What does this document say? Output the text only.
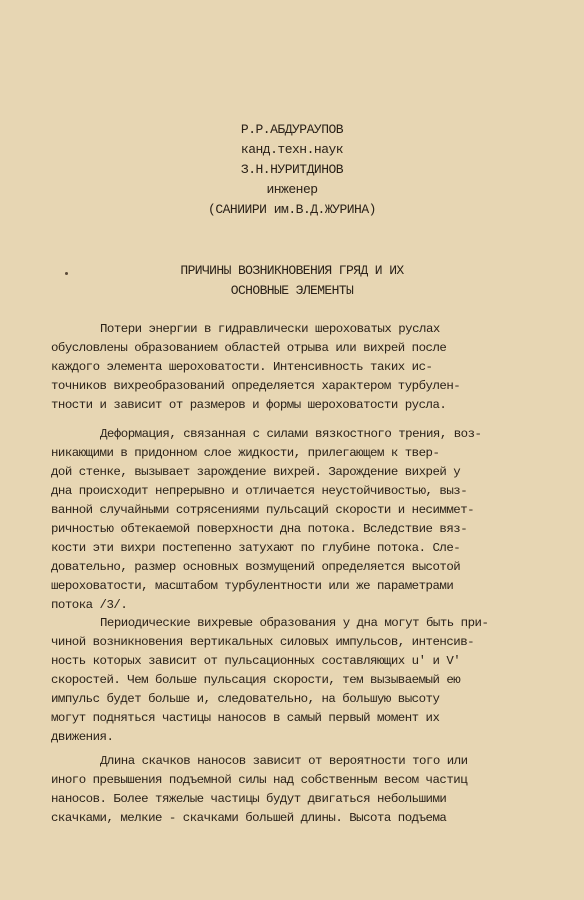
Р.Р.АБДУРАУПОВ
канд.техн.наук
З.Н.НУРИТДИНОВ
инженер
(САНИИРИ им.В.Д.ЖУРИНА)
ПРИЧИНЫ ВОЗНИКНОВЕНИЯ ГРЯД И ИХ
ОСНОВНЫЕ ЭЛЕМЕНТЫ
Потери энергии в гидравлически шероховатых руслах
обусловлены образованием областей отрыва или вихрей после
каждого элемента шероховатости. Интенсивность таких ис-
точников вихреобразований определяется характером турбулен-
тности и зависит от размеров и формы шероховатости русла.
Деформация, связанная с силами вязкостного трения, воз-
никающими в придонном слое жидкости, прилегающем к твер-
дой стенке, вызывает зарождение вихрей. Зарождение вихрей у
дна происходит непрерывно и отличается неустойчивостью, выз-
ванной случайными сотрясениями пульсаций скорости и несиммет-
ричностью обтекаемой поверхности дна потока. Вследствие вяз-
кости эти вихри постепенно затухают по глубине потока. Сле-
довательно, размер основных возмущений определяется высотой
шероховатости, масштабом турбулентности или же параметрами
потока /3/.
Периодические вихревые образования у дна могут быть при-
чиной возникновения вертикальных силовых импульсов, интенсив-
ность которых зависит от пульсационных составляющих u' и V'
скоростей. Чем больше пульсация скорости, тем вызываемый ею
импульс будет больше и, следовательно, на большую высоту
могут подняться частицы наносов в самый первый момент их
движения.
Длина скачков наносов зависит от вероятности того или
иного превышения подъемной силы над собственным весом частиц
наносов. Более тяжелые частицы будут двигаться небольшими
скачками, мелкие - скачками большей длины. Высота подъема
